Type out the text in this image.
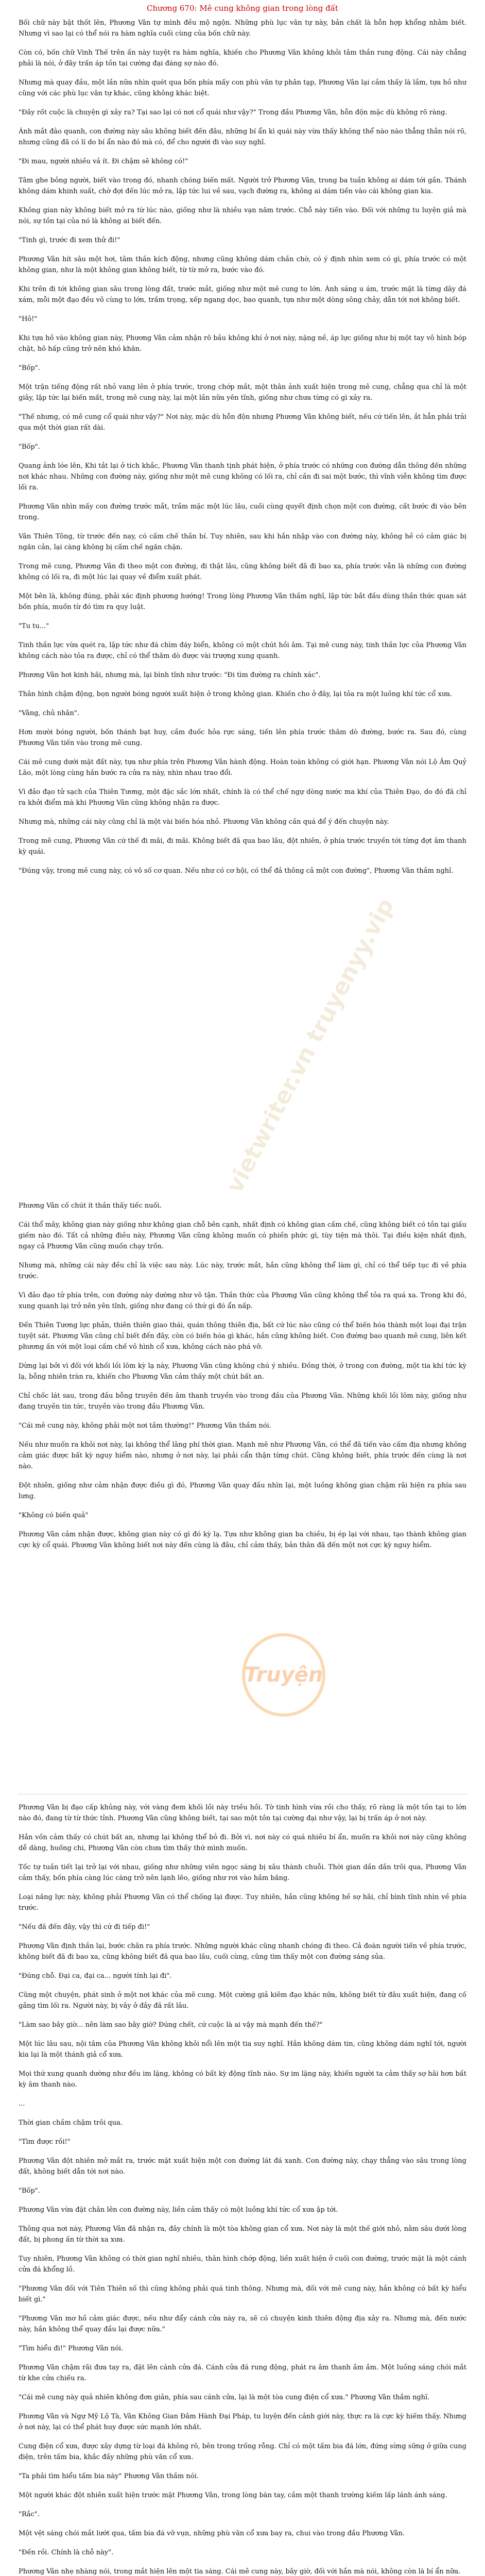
Chương 670: Mê cung không gian trong lòng đất
vietwriter.vn truyenyy.vip
Truyện

Bối chữ này bật thốt lên, Phương Vân tự mình đều mộ ngộn. Những phù lục vân tự này, bản chất là hỗn hợp khổng nhằm biết. Nhưng vì sao lại có thể nói ra hàm nghĩa cuối cùng của bốn chữ này.

Còn có, bốn chữ Vinh Thế trên ấn này tuyệt ra hàm nghĩa, khiến cho Phương Vân không khỏi tâm thần rung động. Cái này chẳng phải là nói, ở đây trấn áp tồn tại cường đại đáng sợ nào đó.

Nhưng mà quay đầu, một lần nữa nhìn quét qua bốn phía mấy con phù văn tự phân tạp, Phương Vân lại cảm thấy là lầm, tựa hồ như cũng với các phù lục vân tự khác, cũng không khác biệt.

"Đây rốt cuộc là chuyện gì xảy ra? Tại sao lại có nơi cổ quái như vậy?" Trong đầu Phương Vân, hỗn độn mặc dù không rõ ràng.

Ánh mắt đảo quanh, con đường này sâu không biết đến đâu, những bí ẩn kì quái này vừa thấy không thể nào nào thẳng thắn nói rõ, nhưng cũng đã có lí do bí ẩn nào đó mà có, để cho người đi vào suy nghĩ.

"Đi mau, người nhiều vả ít. Đi chậm sẽ không có!"

Tâm ghe bỏng người, biết vào trong đó, nhanh chóng biến mất. Người trở Phương Vân, trong ba tuần không ai dám tới gần. Thánh không dám khinh suất, chờ đợi đến lúc mở ra, lập tức lui về sau, vạch đường ra, không ai dám tiến vào cái không gian kia.

Không gian này không biết mở ra từ lúc nào, giống như là nhiều vạn năm trước. Chỗ này tiến vào. Đối với những tu luyện giả mà nói, sự tồn tại của nó là không ai biết đến.

"Tinh gì, trước đi xem thử đi!"

Phương Vân hít sâu một hơi, tâm thần kích động, nhưng cũng không dám chần chờ, có ý định nhìn xem có gì, phía trước có một không gian, như là một không gian không biết, từ từ mở ra, bước vào đó.

Khi trên đi tới không gian sâu trong lòng đất, trước mắt, giống như một mê cung to lớn. Ánh sáng u ám, trước mặt là từng dãy đá xám, mỗi một đạo đều vô cùng to lớn, trầm trọng, xếp ngang dọc, bao quanh, tựa như một dòng sông chảy, dẫn tới nơi không biết.

"Hô!"

Khi tựa hồ vào không gian này, Phương Vân cảm nhận rõ bầu không khí ở nơi này, nặng nề, áp lực giống như bị một tay vô hình bóp chặt, hô hấp cũng trở nên khó khăn.

"Bốp".

Một trận tiếng động rất nhỏ vang lên ở phía trước, trong chớp mắt, một thân ảnh xuất hiện trong mê cung, chẳng qua chỉ là một giây, lập tức lại biến mất, trong mê cung này, lại một lần nữa yên tĩnh, giống như chưa từng có gì xảy ra.

"Thế nhưng, có mê cung cổ quái như vậy?" Nơi này, mặc dù hỗn độn nhưng Phương Vân không biết, nếu cứ tiến lên, ắt hẳn phải trải qua một thời gian rất dài.

"Bốp".

Quang ảnh lóe lên, Khi tắt lại ở tích khắc, Phương Vân thanh tịnh phát hiện, ở phía trước có những con đường dẫn thông đến những nơi khác nhau. Những con đường này, giống như một mê cung không có lối ra, chỉ cần đi sai một bước, thì vĩnh viễn không tìm được lối ra.

Phương Vân nhìn mấy con đường trước mắt, trầm mặc một lúc lâu, cuối cùng quyết định chọn một con đường, cất bước đi vào bên trong.

Vân Thiên Tông, từ trước đến nay, có cấm chế thần bí. Tuy nhiên, sau khi hắn nhập vào con đường này, không hề có cảm giác bị ngăn cản, lại càng không bị cấm chế ngăn chặn.

Trong mê cung, Phương Vân đi theo một con đường, đi thật lâu, cũng không biết đã đi bao xa, phía trước vẫn là những con đường không có lối ra, đi một lúc lại quay về điểm xuất phát.

Một bên là, không đúng, phải xác định phương hướng! Trong lòng Phương Vân thầm nghĩ, lập tức bắt đầu dùng thần thức quan sát bốn phía, muốn từ đó tìm ra quy luật.

"Tu tu..."

Tinh thần lực vừa quét ra, lập tức như đá chìm đáy biển, không có một chút hồi âm. Tại mê cung này, tinh thần lực của Phương Vân không cách nào tỏa ra được, chỉ có thể thăm dò được vài trượng xung quanh.

Phương Vân hơi kinh hãi, nhưng mà, lại bình tĩnh như trước: "Đi tìm đường ra chính xác".

Thân hình chậm động, bọn người bóng người xuất hiện ở trong không gian. Khiến cho ở đây, lại tỏa ra một luồng khí tức cổ xưa.

"Vâng, chủ nhân".

Hơn mười bóng người, bốn thánh bạt huy, cầm đuốc hỏa rực sáng, tiến lên phía trước thăm dò đường, bước ra. Sau đó, cùng Phương Vân tiến vào trong mê cung.

Cái mê cung dưới mặt đất này, tựa như phía trên Phương Vân hành động. Hoàn toàn không có giới hạn. Phương Vân nói Lộ Âm Quỷ Lão, một lòng cùng hắn bước ra cửa ra này, nhìn nhau trao đổi.

Vì đảo đạo tử sạch của Thiên Tương, một đặc sắc lớn nhất, chính là có thể chế ngự dòng nước ma khí của Thiên Đạo, do đó đã chỉ ra khởi điểm mà khi Phương Vân cũng không nhận ra được.

Nhưng mà, những cái này cũng chỉ là một vài biến hóa nhỏ. Phương Vân không cần quá để ý đến chuyện này.

Trong mê cung, Phương Vân cứ thế đi mãi, đi mãi. Không biết đã qua bao lâu, đột nhiên, ở phía trước truyền tới từng đợt âm thanh kỳ quái.

"Đúng vậy, trong mê cung này, có vô số cơ quan. Nếu như có cơ hội, có thể đả thông cả một con đường", Phương Vân thầm nghĩ.

Phương Vân cố chút ít thần thấy tiếc nuối.

Cái thổ mây, không gian này giống như không gian chỗ bên cạnh, nhất định có không gian cấm chế, cũng không biết có tồn tại giấu giếm nào đó. Tất cả những điều này, Phương Vân cũng không muốn có phiền phức gì, tùy tiện mà thôi. Tại điều kiện nhất định, ngay cả Phương Vân cũng muốn chạy trốn.

Nhưng mà, những cái này đều chỉ là việc sau này. Lúc này, trước mắt, hắn cũng không thể làm gì, chỉ có thể tiếp tục đi về phía trước.

Vì đảo đạo tử phía trên, con đường này dường như vô tận. Thần thức của Phương Vân cũng không thể tỏa ra quá xa. Trong khi đó, xung quanh lại trở nên yên tĩnh, giống như đang có thứ gì đó ẩn nấp.

Đến Thiên Tương lực phản, thiên thiên giao thái, quán thông thiên địa, bất cứ lúc nào cũng có thể biến hóa thành một loại đại trận tuyệt sát. Phương Vân cũng chỉ biết đến đây, còn có biến hóa gì khác, hắn cũng không biết. Con đường bao quanh mê cung, liên kết phương ấn với một loại cấm chế vô hình cổ xưa, không cách nào phá vỡ.

Dừng lại bởi vì đối với khối lồi lõm kỳ lạ này, Phương Vân cũng không chú ý nhiều. Đồng thời, ở trong con đường, một tia khí tức kỳ lạ, bỗng nhiên tràn ra, khiến cho Phương Vân cảm thấy một chút bất an.

Chỉ chốc lát sau, trong đầu bỗng truyền đến âm thanh truyền vào trong đầu của Phương Vân. Những khối lồi lõm này, giống như đang truyền tin tức, truyền vào trong đầu Phương Vân.

"Cái mê cung này, không phải một nơi tầm thường!" Phương Vân thầm nói.

Nếu như muốn ra khỏi nơi này, lại không thể lãng phí thời gian. Mạnh mẽ như Phương Vân, có thể đã tiến vào cấm địa nhưng không cảm giác được bất kỳ nguy hiểm nào, nhưng ở nơi này, lại phải cẩn thận từng chút. Cũng không biết, phía trước đến cùng là nơi nào.

Đột nhiên, giống như cảm nhận được điều gì đó, Phương Vân quay đầu nhìn lại, một luồng không gian chậm rãi hiện ra phía sau lưng.

"Không có biến quả"

Phương Vân cảm nhận được, không gian này có gì đó kỳ lạ. Tựa như không gian ba chiều, bị ép lại với nhau, tạo thành không gian cực kỳ cổ quái. Phương Vân không biết nơi này đến cùng là đâu, chỉ cảm thấy, bản thân đã đến một nơi cực kỳ nguy hiểm.

Phương Vân bị đạo cấp khủng này, với vàng đem khối lồi này triều hồi. Tờ tinh hình vừa rồi cho thấy, rõ ràng là một tồn tại to lớn nào đó, đang từ từ thức tỉnh. Phương Vân cũng không biết, tại sao một tồn tại cường đại như vậy, lại bị trấn áp ở nơi này.

Hắn vốn cảm thấy có chút bất an, nhưng lại không thể bỏ đi. Bởi vì, nơi này có quá nhiều bí ẩn, muốn ra khỏi nơi này cũng không dễ dàng, huống chi, Phương Vân còn chưa tìm thấy thứ mình muốn.

Tốc tự tuần tiết lại trở lại với nhau, giống như những viên ngọc sáng bị xâu thành chuỗi. Thời gian dần dần trôi qua, Phương Vân cảm thấy, bốn phía càng lúc càng trở nên lạnh lẽo, giống như rơi vào hầm băng.

Loại năng lực này, không phải Phương Vân có thể chống lại được. Tuy nhiên, hắn cũng không hề sợ hãi, chỉ bình tĩnh nhìn về phía trước.

"Nếu đã đến đây, vậy thì cứ đi tiếp đi!"

Phương Vân định thần lại, bước chân ra phía trước. Những người khác cũng nhanh chóng đi theo. Cả đoàn người tiến về phía trước, không biết đã đi bao xa, cũng không biết đã qua bao lâu, cuối cùng, cũng tìm thấy một con đường sáng sủa.

"Đúng chỗ. Đại ca, đại ca... người tính lại đi".

Cũng một chuyện, phát sinh ở một nơi khác của mê cung. Một cường giả kiêm đạo khác nữa, không biết từ đâu xuất hiện, đang cố gắng tìm lối ra. Người này, bị vây ở đây đã rất lâu.

"Làm sao bây giờ... nên làm sao bây giờ? Đúng chết, cứ cuộc là ai vậy mà mạnh đến thế?"

Một lúc lâu sau, nội tâm của Phương Vân không khỏi nổi lên một tia suy nghĩ. Hắn không dám tin, cũng không dám nghĩ tới, người kia lại là một thánh giả cổ xưa.

Mọi thứ xung quanh dường như đều im lặng, không có bất kỳ động tĩnh nào. Sự im lặng này, khiến người ta cảm thấy sợ hãi hơn bất kỳ âm thanh nào.

...

Thời gian chầm chậm trôi qua.

"Tìm được rồi!"

Phương Vân đột nhiên mở mắt ra, trước mặt xuất hiện một con đường lát đá xanh. Con đường này, chạy thẳng vào sâu trong lòng đất, không biết dẫn tới nơi nào.

"Bốp".

Phương Vân vừa đặt chân lên con đường này, liền cảm thấy có một luồng khí tức cổ xưa ập tới.

Thông qua nơi này, Phương Vân đã nhận ra, đây chính là một tòa không gian cổ xưa. Nơi này là một thế giới nhỏ, nằm sâu dưới lòng đất, bị phong ấn từ thời xa xưa.

Tuy nhiên, Phương Vân không có thời gian nghĩ nhiều, thân hình chớp động, liền xuất hiện ở cuối con đường, trước mặt là một cánh cửa đá khổng lồ.

"Phương Vân đối với Tiên Thiên số thì cũng không phải quá tinh thông. Nhưng mà, đối với mê cung này, hắn không có bất kỳ hiểu biết gì."

"Phương Vân mơ hồ cảm giác được, nếu như đẩy cánh cửa này ra, sẽ có chuyện kinh thiên động địa xảy ra. Nhưng mà, đến nước này, hắn không thể quay đầu lại được nữa."

"Tìm hiểu đi!" Phương Vân nói.

Phương Vân chậm rãi đưa tay ra, đặt lên cánh cửa đá. Cánh cửa đá rung động, phát ra âm thanh ầm ầm. Một luồng sáng chói mắt từ khe cửa chiếu ra.

"Cái mê cung này quả nhiên không đơn giản, phía sau cánh cửa, lại là một tòa cung điện cổ xưa." Phương Vân thầm nghĩ.

Phương Vân và Ngự Mỹ Lộ Tà, Vân Không Gian Đâm Hành Đại Pháp, tu luyện đến cảnh giới này, thực ra là cực kỳ hiếm thấy. Nhưng ở nơi này, lại có thể phát huy được sức mạnh lớn nhất.

Cung điện cổ xưa, được xây dựng từ loại đá không rõ, bên trong trống rỗng. Chỉ có một tấm bia đá lớn, đứng sừng sững ở giữa cung điện, trên tấm bia, khắc đầy những phù văn cổ xưa.

"Ta phải tìm hiểu tấm bia này" Phương Vân thầm nói.

Một người khác đột nhiên xuất hiện trước mặt Phương Vân, trong lòng bàn tay, cầm một thanh trường kiếm lấp lánh ánh sáng.

"Rắc".

Một vệt sáng chói mắt lướt qua, tấm bia đá vỡ vụn, những phù văn cổ xưa bay ra, chui vào trong đầu Phương Vân.

"Đến rồi. Chính là chỗ này".

Phương Vân nhẹ nhàng nói, trong mắt hiện lên một tia sáng. Cái mê cung này, bây giờ, đối với hắn mà nói, không còn là bí ẩn nữa.
